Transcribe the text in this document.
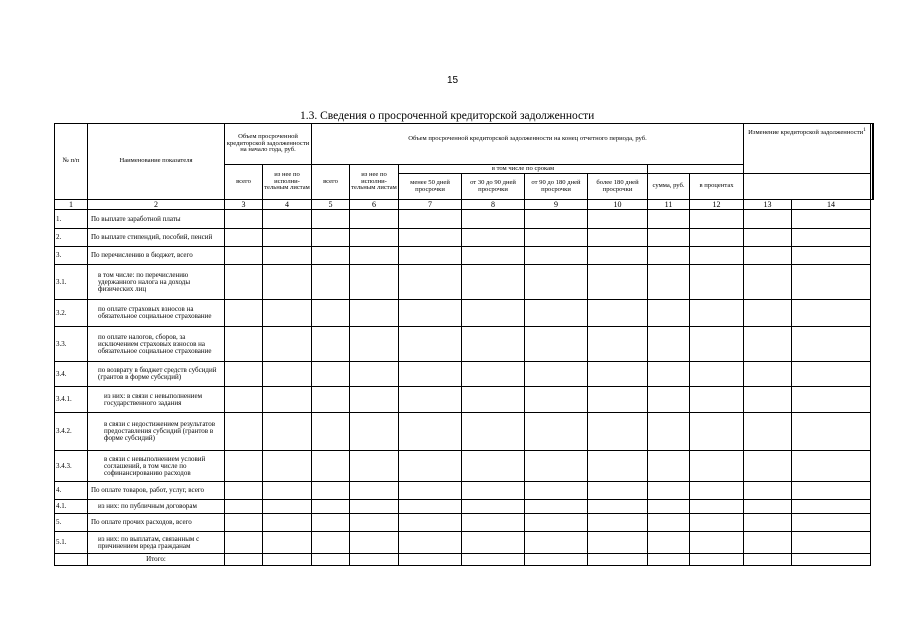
15
1.3. Сведения о просроченной кредиторской задолженности
№ п/п	Наименование показателя	Объем просроченной кредиторской задолженности на начало года, руб.		Объем просроченной кредиторской задолженности на конец отчетного периода, руб.								Изменение кредиторской задолженности$^1$		
		всего	из нее по исполни-тельным листам	всего	из нее по исполни-тельным листам	в том числе по срокам									
						менее 50 дней просрочки	от 30 до 90 дней просрочки	от 90 до 180 дней просрочки	более 180 дней просрочки	сумма, руб.	в процентах				
1	2	3	4	5	6	7	8	9	10	11	12	13	14		
1.	По выплате заработной платы														
2.	По выплате стипендий, пособий, пенсий														
3.	По перечислению в бюджет, всего														
3.1.	в том числе: по перечислению удержанного налога на доходы физических лиц														
3.2.	по оплате страховых взносов на обязательное социальное страхование														
3.3.	по оплате налогов, сборов, за исключением страховых взносов на обязательное социальное страхование														
3.4.	по возврату в бюджет средств субсидий (грантов в форме субсидий)														
3.4.1.	из них: в связи с невыполнением государственного задания														
3.4.2.	в связи с недостижением результатов предоставления субсидий (грантов в форме субсидий)														
3.4.3.	в связи с невыполнением условий соглашений, в том числе по софинансированию расходов														
4.	По оплате товаров, работ, услуг, всего														
4.1.	из них: по публичным договорам														
5.	По оплате прочих расходов, всего														
5.1.	из них: по выплатам, связанным с причинением вреда гражданам														
	Итого:														
